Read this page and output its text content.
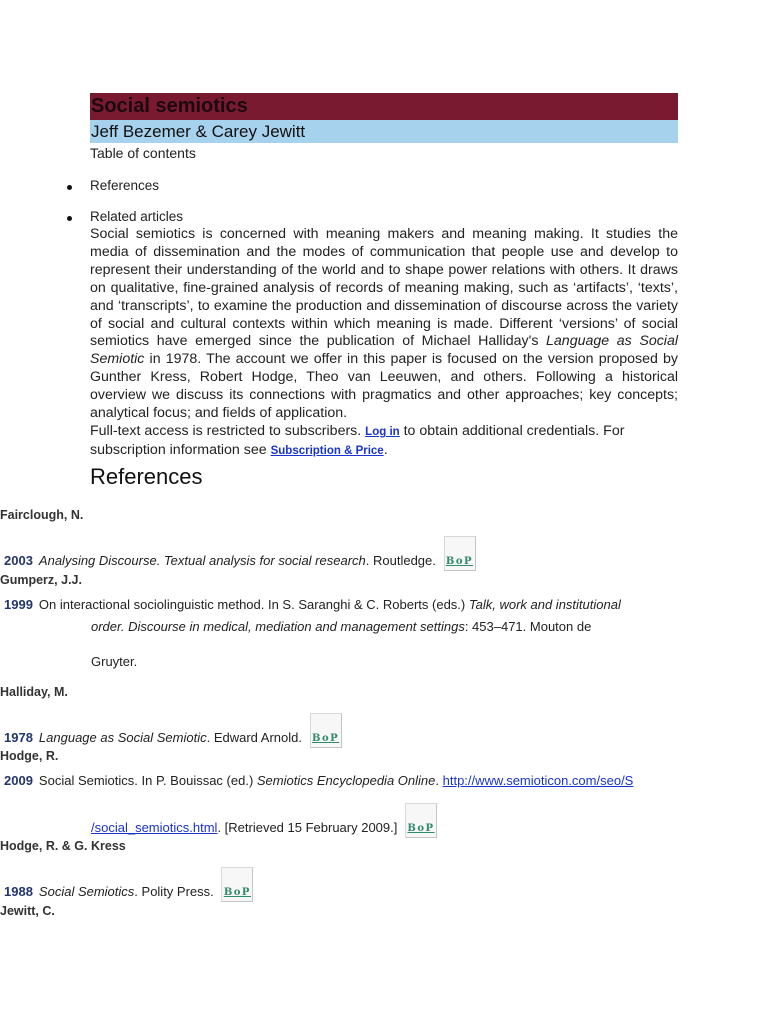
Social semiotics
Jeff Bezemer & Carey Jewitt
Table of contents
References
Related articles
Social semiotics is concerned with meaning makers and meaning making. It studies the media of dissemination and the modes of communication that people use and develop to represent their understanding of the world and to shape power relations with others. It draws on qualitative, fine-grained analysis of records of meaning making, such as ‘artifacts’, ‘texts’, and ‘transcripts’, to examine the production and dissemination of discourse across the variety of social and cultural contexts within which meaning is made. Different ‘versions’ of social semiotics have emerged since the publication of Michael Halliday's Language as Social Semiotic in 1978. The account we offer in this paper is focused on the version proposed by Gunther Kress, Robert Hodge, Theo van Leeuwen, and others. Following a historical overview we discuss its connections with pragmatics and other approaches; key concepts; analytical focus; and fields of application.
Full-text access is restricted to subscribers. Log in to obtain additional credentials. For subscription information see Subscription & Price.
References
Fairclough, N.
2003 Analysing Discourse. Textual analysis for social research. Routledge. BoP
Gumperz, J.J.
1999 On interactional sociolinguistic method. In S. Saranghi & C. Roberts (eds.) Talk, work and institutional
order. Discourse in medical, mediation and management settings: 453–471. Mouton de
Gruyter.
Halliday, M.
1978 Language as Social Semiotic. Edward Arnold. BoP
Hodge, R.
2009 Social Semiotics. In P. Bouissac (ed.) Semiotics Encyclopedia Online. http://www.semioticon.com/seo/S
/social_semiotics.html. [Retrieved 15 February 2009.] BoP
Hodge, R. & G. Kress
1988 Social Semiotics. Polity Press. BoP
Jewitt, C.
